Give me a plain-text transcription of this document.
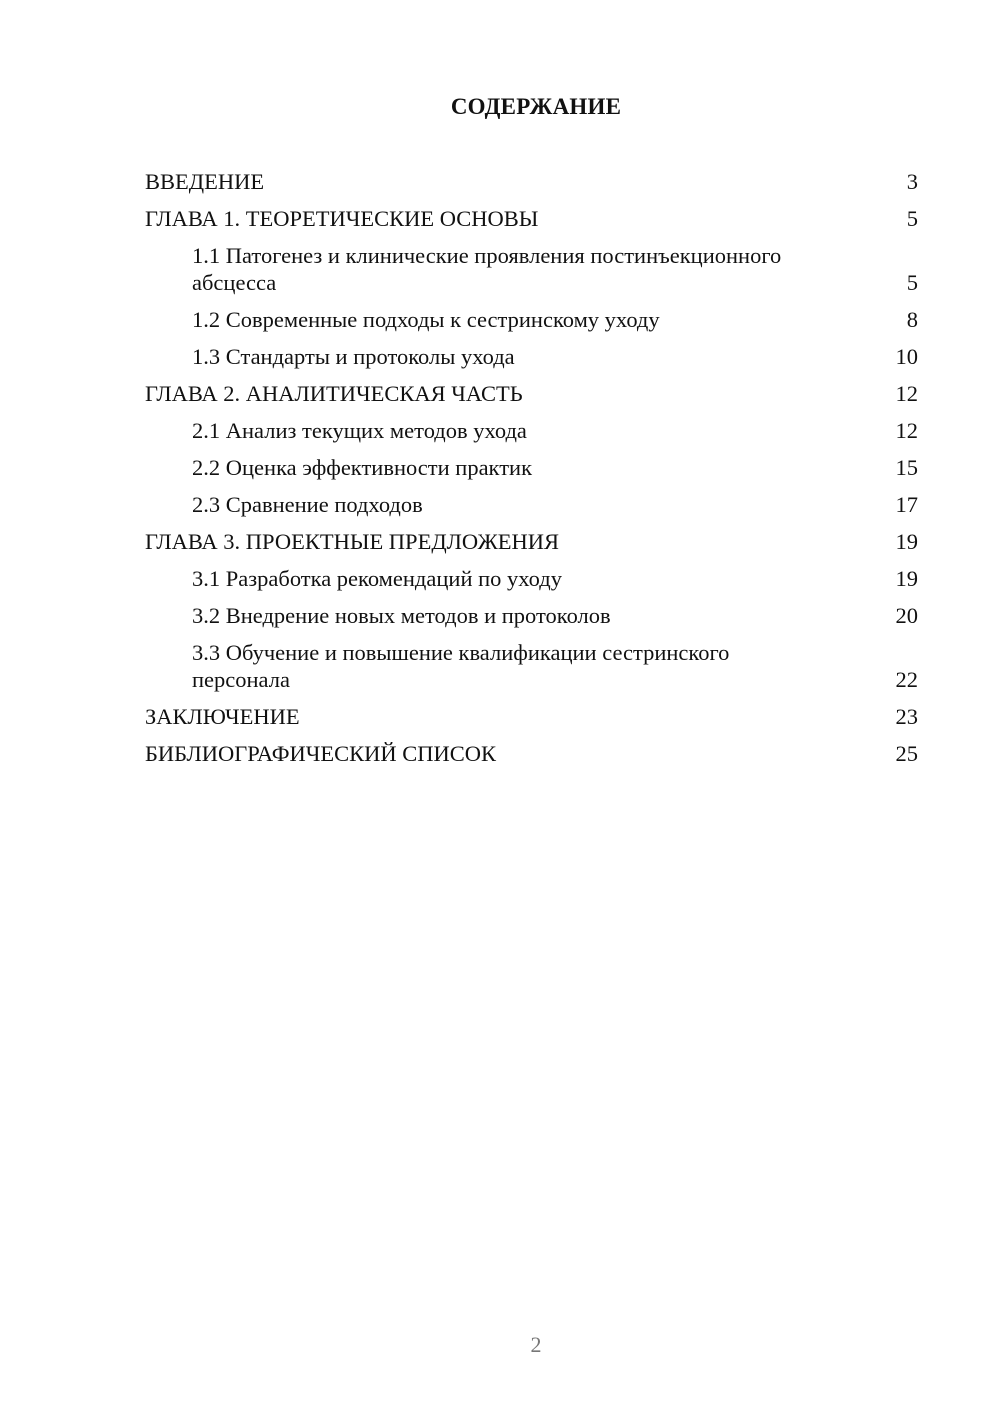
СОДЕРЖАНИЕ
ВВЕДЕНИЕ	3
ГЛАВА 1. ТЕОРЕТИЧЕСКИЕ ОСНОВЫ	5
1.1 Патогенез и клинические проявления постинъекционного абсцесса	5
1.2 Современные подходы к сестринскому уходу	8
1.3 Стандарты и протоколы ухода	10
ГЛАВА 2. АНАЛИТИЧЕСКАЯ ЧАСТЬ	12
2.1 Анализ текущих методов ухода	12
2.2 Оценка эффективности практик	15
2.3 Сравнение подходов	17
ГЛАВА 3. ПРОЕКТНЫЕ ПРЕДЛОЖЕНИЯ	19
3.1 Разработка рекомендаций по уходу	19
3.2 Внедрение новых методов и протоколов	20
3.3 Обучение и повышение квалификации сестринского персонала	22
ЗАКЛЮЧЕНИЕ	23
БИБЛИОГРАФИЧЕСКИЙ СПИСОК	25
2
